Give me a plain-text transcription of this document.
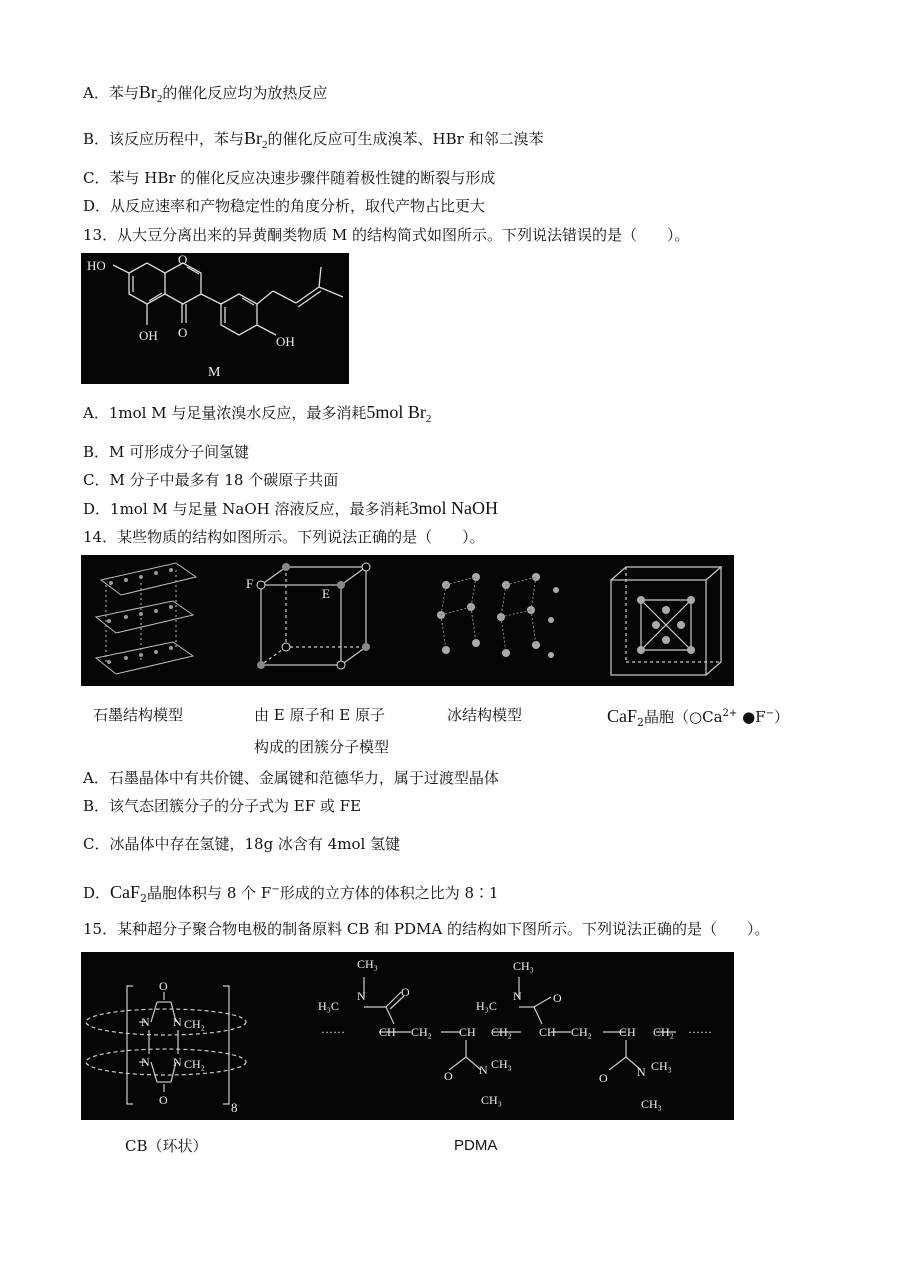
A．苯与$Br_2$的催化反应均为放热反应
B．该反应历程中，苯与$Br_2$的催化反应可生成溴苯、HBr 和邻二溴苯
C．苯与 HBr 的催化反应决速步骤伴随着极性键的断裂与形成
D．从反应速率和产物稳定性的角度分析，取代产物占比更大
13．从大豆分离出来的异黄酮类物质 M 的结构简式如图所示。下列说法错误的是（　　）。
HO	O
OH O
OH
M
A．1mol M 与足量浓溴水反应，最多消耗5mol $Br_2$
B．M 可形成分子间氢键
C．M 分子中最多有 18 个碳原子共面
D．1mol M 与足量 NaOH 溶液反应，最多消耗3mol NaOH
14．某些物质的结构如图所示。下列说法正确的是（　　）。
F
E
石墨结构模型	由 E 原子和 E 原子
构成的团簇分子模型
冰结构模型	CaF$_2$晶胞（$○Ca^{2+}$ ●F−）
A．石墨晶体中有共价键、金属键和范德华力，属于过渡型晶体
B．该气态团簇分子的分子式为 EF 或 FE
C．冰晶体中存在氢键，18g 冰含有 4mol 氢键
D．CaF$_2$晶胞体积与 8 个 F−形成的立方体的体积之比为 8∶1
15．某种超分子聚合物电极的制备原料 CB 和 PDMA 的结构如下图所示。下列说法正确的是（　　）。
O
N N CH₂
N N CH₂
O	8
CH₃
N
H₃C
O
······	CH CH₂ CH CH₂ CH CH₂ CH CH₂ ······
O N CH₃
CH₃
CH₃
N
H₃C
O
O N CH₃
CH₃
CB（环状）	PDMA
